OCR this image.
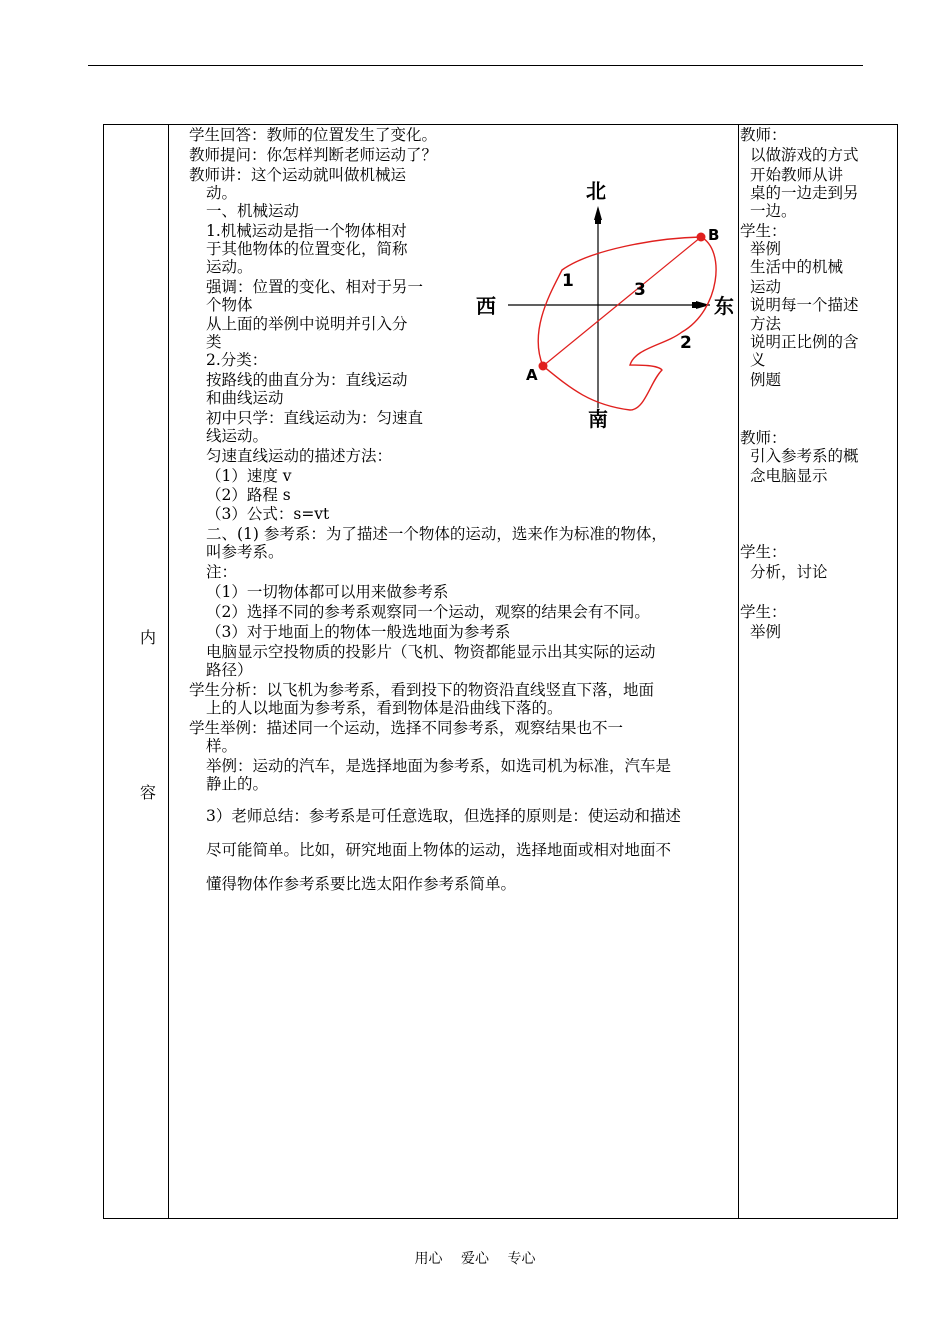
内
容
学生回答：教师的位置发生了变化。
教师提问：你怎样判断老师运动了？
教师讲：这个运动就叫做机械运
动。
一、机械运动
1.机械运动是指一个物体相对
于其他物体的位置变化，简称
运动。
强调：位置的变化、相对于另一
个物体
从上面的举例中说明并引入分
类
2.分类：
按路线的曲直分为：直线运动
和曲线运动
初中只学：直线运动为：匀速直
线运动。
匀速直线运动的描述方法：
（1）速度 v
（2）路程 s
（3）公式：s=vt
二、(1) 参考系：为了描述一个物体的运动，选来作为标准的物体，
叫参考系。
注：
（1）一切物体都可以用来做参考系
（2）选择不同的参考系观察同一个运动，观察的结果会有不同。
（3）对于地面上的物体一般选地面为参考系
电脑显示空投物质的投影片（飞机、物资都能显示出其实际的运动
路径）
学生分析：以飞机为参考系，看到投下的物资沿直线竖直下落，地面
上的人以地面为参考系，看到物体是沿曲线下落的。
学生举例：描述同一个运动，选择不同参考系，观察结果也不一
样。
举例：运动的汽车，是选择地面为参考系，如选司机为标准，汽车是
静止的。
3）老师总结：参考系是可任意选取，但选择的原则是：使运动和描述
尽可能简单。比如，研究地面上物体的运动，选择地面或相对地面不
懂得物体作参考系要比选太阳作参考系简单。
教师：
以做游戏的方式
开始教师从讲
桌的一边走到另
一边。
学生：
举例
生活中的机械
运动
说明每一个描述
方法
说明正比例的含
义
例题
教师：
引入参考系的概
念电脑显示
学生：
分析，讨论
学生：
举例
北
南
西	东
A
B
1
2
3
用心 爱心 专心
